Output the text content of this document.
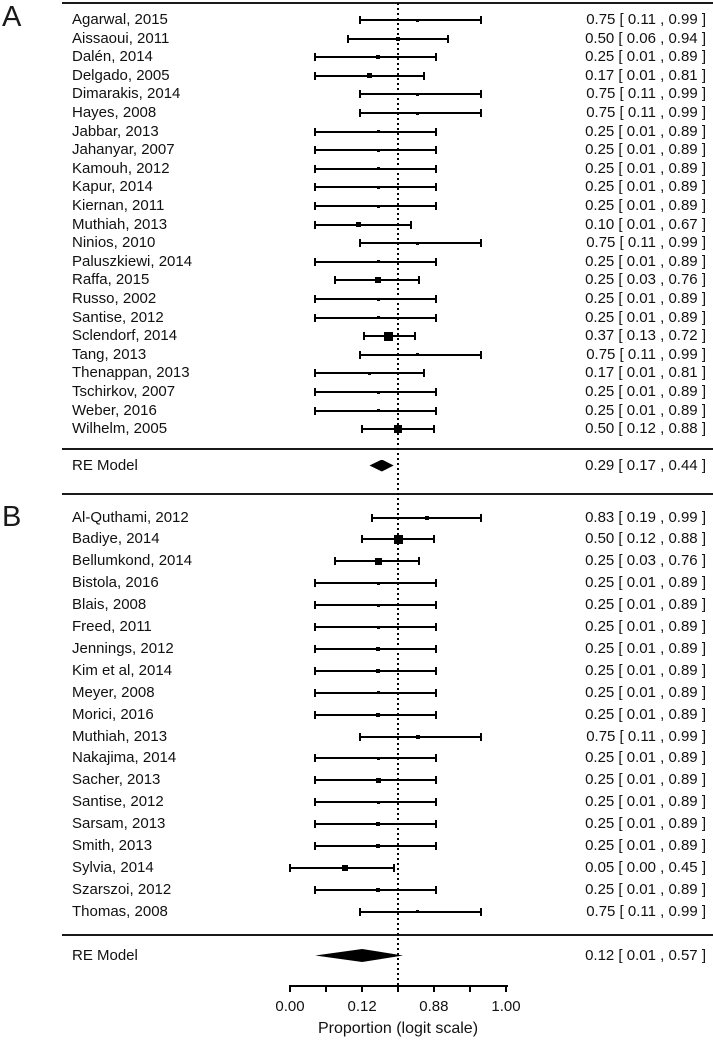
A
B
Agarwal, 2015	0.75 [ 0.11 , 0.99 ]
Aissaoui, 2011	0.50 [ 0.06 , 0.94 ]
Dalén, 2014	0.25 [ 0.01 , 0.89 ]
Delgado, 2005	0.17 [ 0.01 , 0.81 ]
Dimarakis, 2014	0.75 [ 0.11 , 0.99 ]
Hayes, 2008	0.75 [ 0.11 , 0.99 ]
Jabbar, 2013	0.25 [ 0.01 , 0.89 ]
Jahanyar, 2007	0.25 [ 0.01 , 0.89 ]
Kamouh, 2012	0.25 [ 0.01 , 0.89 ]
Kapur, 2014	0.25 [ 0.01 , 0.89 ]
Kiernan, 2011	0.25 [ 0.01 , 0.89 ]
Muthiah, 2013	0.10 [ 0.01 , 0.67 ]
Ninios, 2010	0.75 [ 0.11 , 0.99 ]
Paluszkiewi, 2014	0.25 [ 0.01 , 0.89 ]
Raffa, 2015	0.25 [ 0.03 , 0.76 ]
Russo, 2002	0.25 [ 0.01 , 0.89 ]
Santise, 2012	0.25 [ 0.01 , 0.89 ]
Sclendorf, 2014	0.37 [ 0.13 , 0.72 ]
Tang, 2013	0.75 [ 0.11 , 0.99 ]
Thenappan, 2013	0.17 [ 0.01 , 0.81 ]
Tschirkov, 2007	0.25 [ 0.01 , 0.89 ]
Weber, 2016	0.25 [ 0.01 , 0.89 ]
Wilhelm, 2005	0.50 [ 0.12 , 0.88 ]
RE Model	0.29 [ 0.17 , 0.44 ]
Al-Quthami, 2012	0.83 [ 0.19 , 0.99 ]
Badiye, 2014	0.50 [ 0.12 , 0.88 ]
Bellumkond, 2014	0.25 [ 0.03 , 0.76 ]
Bistola, 2016	0.25 [ 0.01 , 0.89 ]
Blais, 2008	0.25 [ 0.01 , 0.89 ]
Freed, 2011	0.25 [ 0.01 , 0.89 ]
Jennings, 2012	0.25 [ 0.01 , 0.89 ]
Kim et al, 2014	0.25 [ 0.01 , 0.89 ]
Meyer, 2008	0.25 [ 0.01 , 0.89 ]
Morici, 2016	0.25 [ 0.01 , 0.89 ]
Muthiah, 2013	0.75 [ 0.11 , 0.99 ]
Nakajima, 2014	0.25 [ 0.01 , 0.89 ]
Sacher, 2013	0.25 [ 0.01 , 0.89 ]
Santise, 2012	0.25 [ 0.01 , 0.89 ]
Sarsam, 2013	0.25 [ 0.01 , 0.89 ]
Smith, 2013	0.25 [ 0.01 , 0.89 ]
Sylvia, 2014	0.05 [ 0.00 , 0.45 ]
Szarszoi, 2012	0.25 [ 0.01 , 0.89 ]
Thomas, 2008	0.75 [ 0.11 , 0.99 ]
RE Model	0.12 [ 0.01 , 0.57 ]
0.00	0.12	0.88	1.00
Proportion (logit scale)
